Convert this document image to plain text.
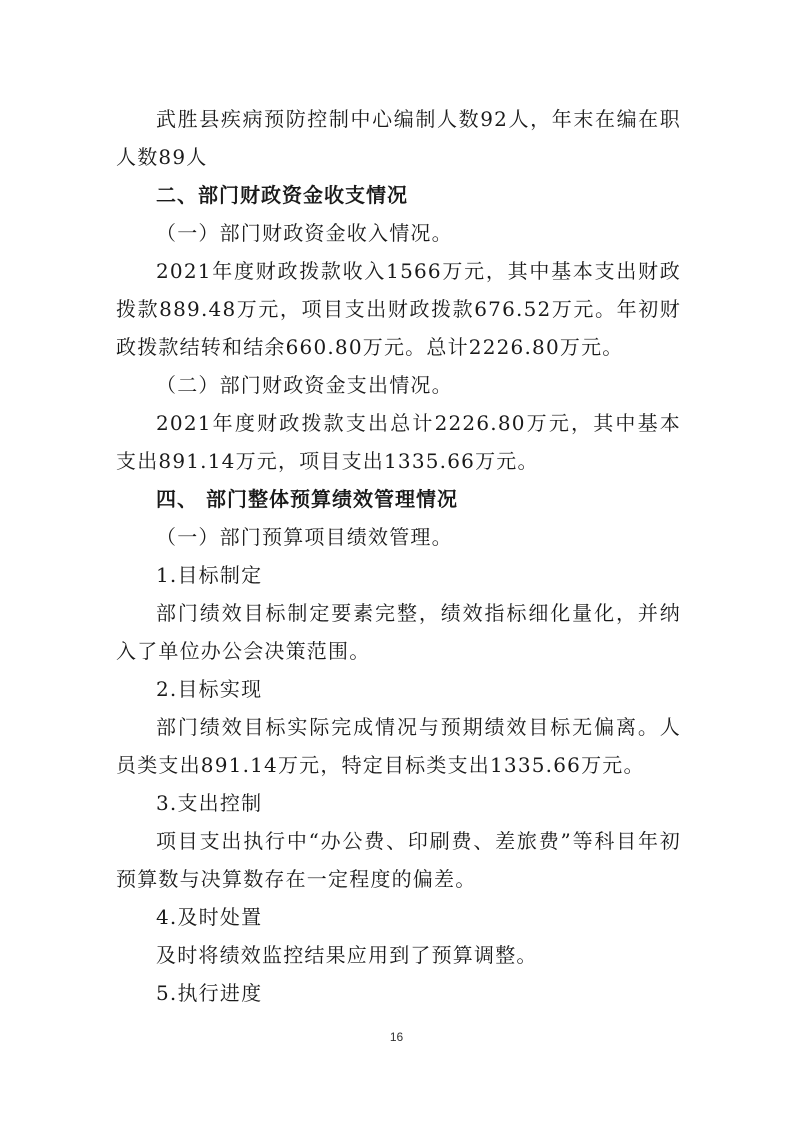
武胜县疾病预防控制中心编制人数92人，年末在编在职人数89人

二、部门财政资金收支情况

（一）部门财政资金收入情况。

2021年度财政拨款收入1566万元，其中基本支出财政拨款889.48万元，项目支出财政拨款676.52万元。年初财政拨款结转和结余660.80万元。总计2226.80万元。

（二）部门财政资金支出情况。

2021年度财政拨款支出总计2226.80万元，其中基本支出891.14万元，项目支出1335.66万元。

四、 部门整体预算绩效管理情况

（一）部门预算项目绩效管理。

1.目标制定

部门绩效目标制定要素完整，绩效指标细化量化，并纳入了单位办公会决策范围。

2.目标实现

部门绩效目标实际完成情况与预期绩效目标无偏离。人员类支出891.14万元，特定目标类支出1335.66万元。

3.支出控制

项目支出执行中“办公费、印刷费、差旅费”等科目年初预算数与决算数存在一定程度的偏差。

4.及时处置

及时将绩效监控结果应用到了预算调整。

5.执行进度

16
